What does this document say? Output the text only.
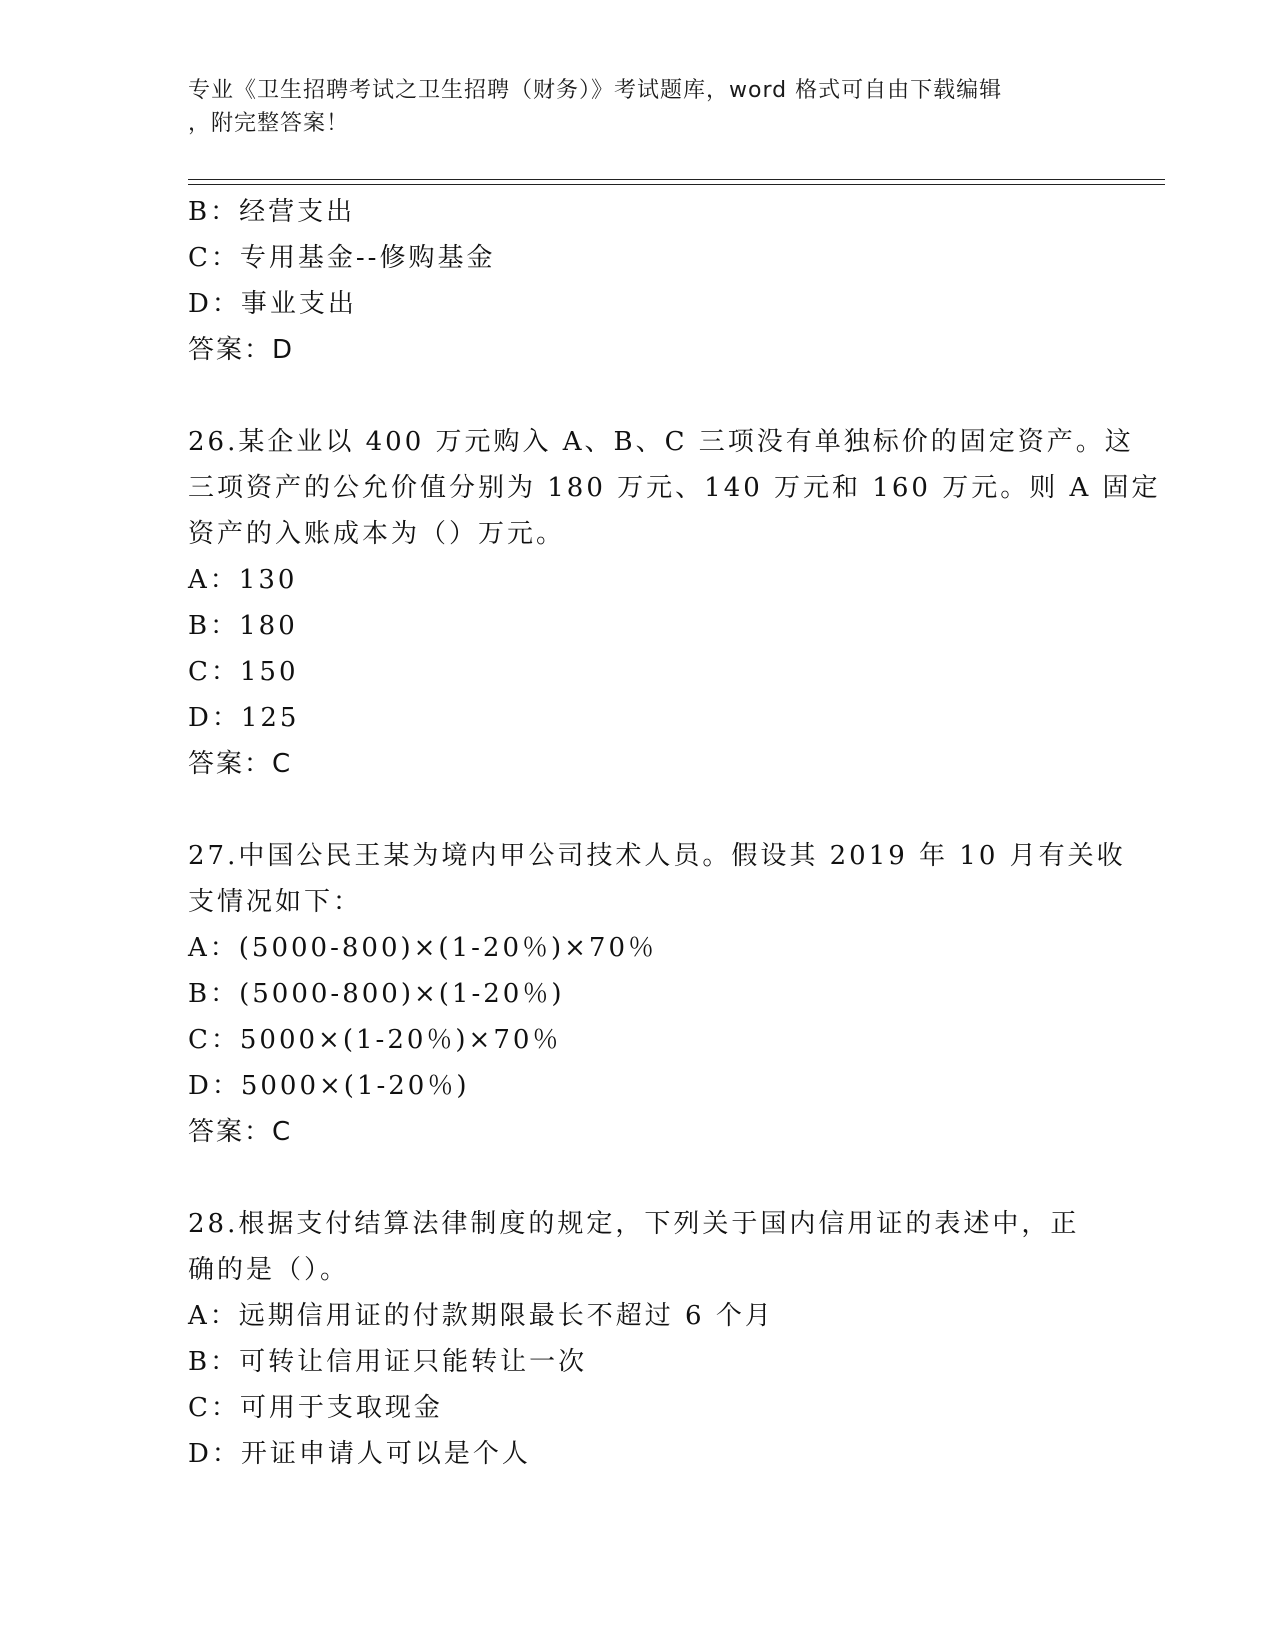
专业《卫生招聘考试之卫生招聘（财务）》考试题库，word 格式可自由下载编辑

，附完整答案！

B：经营支出
C：专用基金--修购基金
D：事业支出
答案：D
26.某企业以 400 万元购入 A、B、C 三项没有单独标价的固定资产。这
三项资产的公允价值分别为 180 万元、140 万元和 160 万元。则 A 固定
资产的入账成本为（）万元。
A：130
B：180
C：150
D：125
答案：C
27.中国公民王某为境内甲公司技术人员。假设其 2019 年 10 月有关收
支情况如下：
A：(5000-800)×(1-20％)×70％
B：(5000-800)×(1-20％)
C：5000×(1-20％)×70％
D：5000×(1-20％)
答案：C
28.根据支付结算法律制度的规定，下列关于国内信用证的表述中，正
确的是（）。
A：远期信用证的付款期限最长不超过 6 个月
B：可转让信用证只能转让一次
C：可用于支取现金
D：开证申请人可以是个人
